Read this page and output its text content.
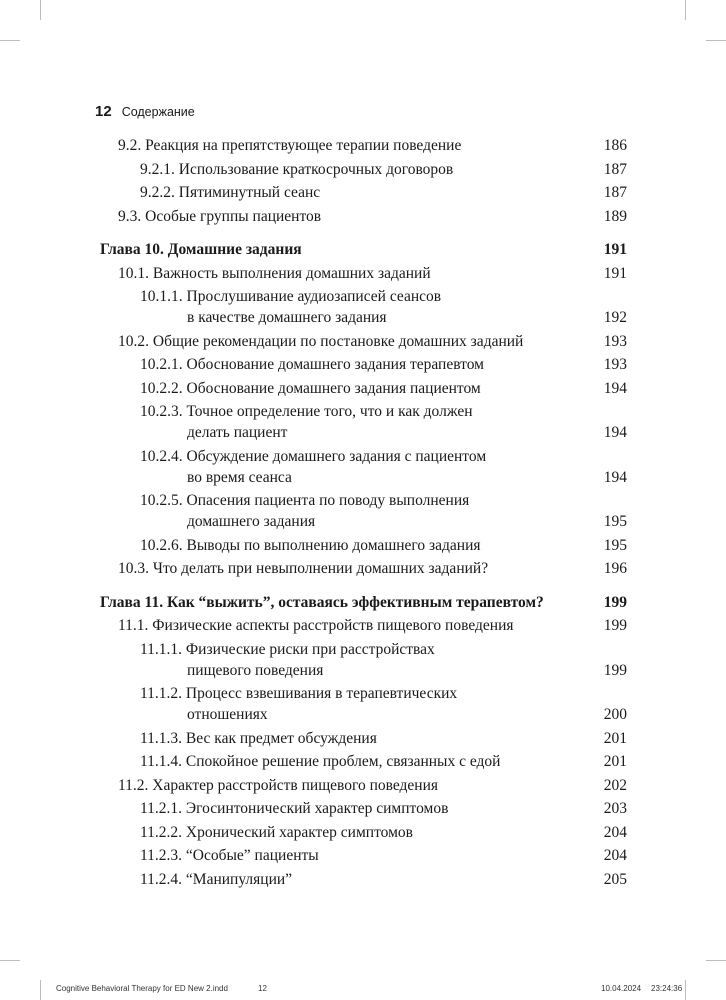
12 Содержание
9.2. Реакция на препятствующее терапии поведение	186
9.2.1. Использование краткосрочных договоров	187
9.2.2. Пятиминутный сеанс	187
9.3. Особые группы пациентов	189
Глава 10. Домашние задания	191
10.1. Важность выполнения домашних заданий	191
10.1.1. Прослушивание аудиозаписей сеансов
в качестве домашнего задания	192
10.2. Общие рекомендации по постановке домашних заданий	193
10.2.1. Обоснование домашнего задания терапевтом	193
10.2.2. Обоснование домашнего задания пациентом	194
10.2.3. Точное определение того, что и как должен
делать пациент	194
10.2.4. Обсуждение домашнего задания с пациентом
во время сеанса	194
10.2.5. Опасения пациента по поводу выполнения
домашнего задания	195
10.2.6. Выводы по выполнению домашнего задания	195
10.3. Что делать при невыполнении домашних заданий?	196
Глава 11. Как “выжить”, оставаясь эффективным терапевтом?	199
11.1. Физические аспекты расстройств пищевого поведения	199
11.1.1. Физические риски при расстройствах
пищевого поведения	199
11.1.2. Процесс взвешивания в терапевтических
отношениях	200
11.1.3. Вес как предмет обсуждения	201
11.1.4. Спокойное решение проблем, связанных с едой	201
11.2. Характер расстройств пищевого поведения	202
11.2.1. Эгосинтонический характер симптомов	203
11.2.2. Хронический характер симптомов	204
11.2.3. “Особые” пациенты	204
11.2.4. “Манипуляции”	205
Cognitive Behavioral Therapy for ED New 2.indd	12	10.04.2024 23:24:36
